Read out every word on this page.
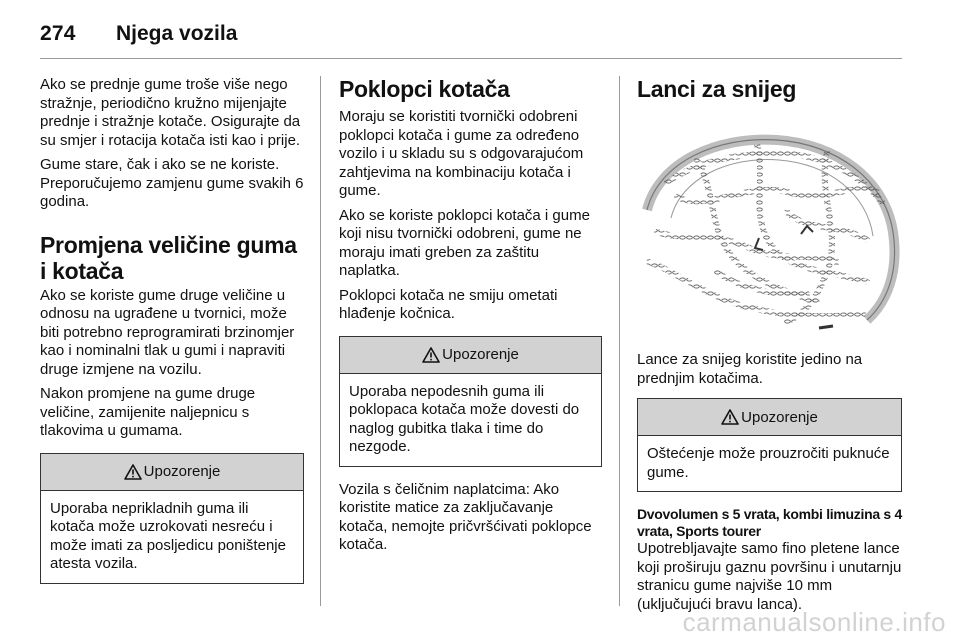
274	Njega vozila

Ako se prednje gume troše više nego stražnje, periodično kružno mijenjajte prednje i stražnje kotače. Osigurajte da su smjer i rotacija kotača isti kao i prije.

Gume stare, čak i ako se ne koriste. Preporučujemo zamjenu gume svakih 6 godina.

Promjena veličine guma i kotača

Ako se koriste gume druge veličine u odnosu na ugrađene u tvornici, može biti potrebno reprogramirati brzinomjer kao i nominalni tlak u gumi i napraviti druge izmjene na vozilu.

Nakon promjene na gume druge veličine, zamijenite naljepnicu s tlakovima u gumama.

Upozorenje
Uporaba neprikladnih guma ili kotača može uzrokovati nesreću i može imati za posljedicu poništenje atesta vozila.
Poklopci kotača

Moraju se koristiti tvornički odobreni poklopci kotača i gume za određeno vozilo i u skladu su s odgovarajućom zahtjevima na kombinaciju kotača i gume.

Ako se koriste poklopci kotača i gume koji nisu tvornički odobreni, gume ne moraju imati greben za zaštitu naplatka.

Poklopci kotača ne smiju ometati hlađenje kočnica.

Upozorenje
Uporaba nepodesnih guma ili poklopaca kotača može dovesti do naglog gubitka tlaka i time do nezgode.

Vozila s čeličnim naplatcima: Ako koristite matice za zaključavanje kotača, nemojte pričvršćivati poklopce kotača.

Lanci za snijeg

Lance za snijeg koristite jedino na prednjim kotačima.

Upozorenje
Oštećenje može prouzročiti puknuće gume.
Dvovolumen s 5 vrata, kombi limuzina s 4 vrata, Sports tourer

Upotrebljavajte samo fino pletene lance koji proširuju gaznu površinu i unutarnju stranicu gume najviše 10 mm (uključujući bravu lanca).

carmanualsonline.info
